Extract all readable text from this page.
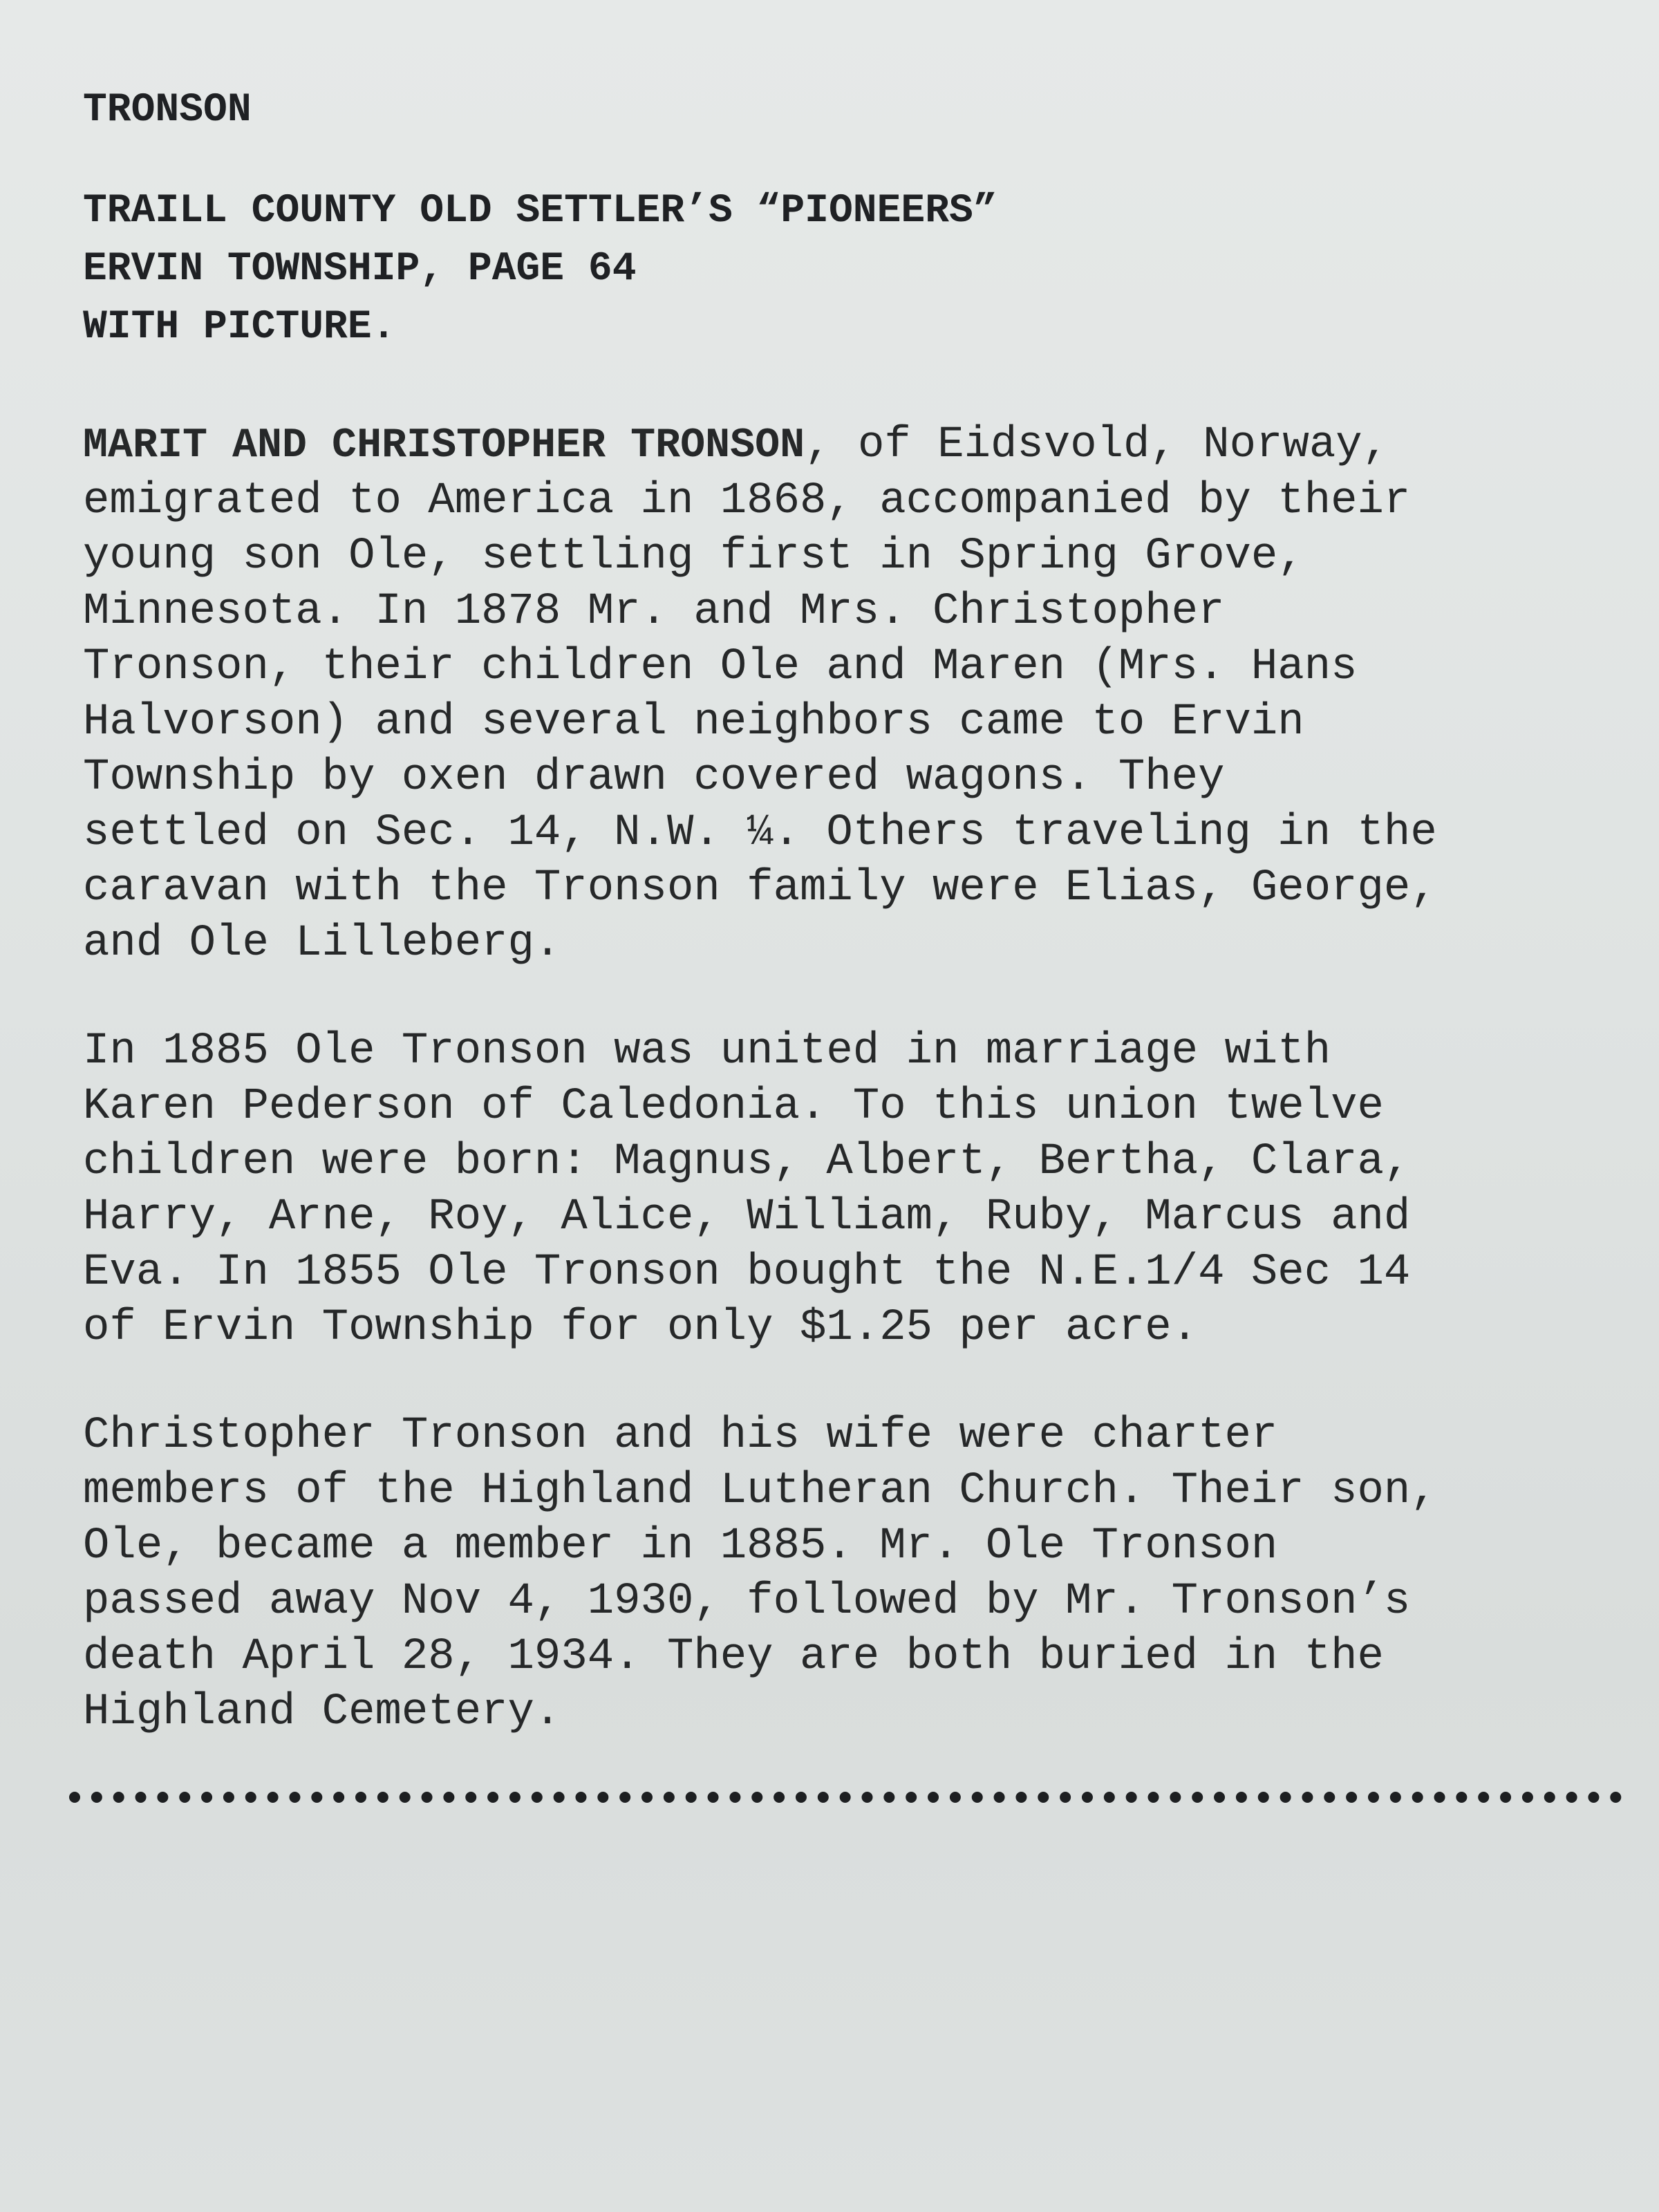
TRONSON

TRAILL COUNTY OLD SETTLER’S “PIONEERS”

ERVIN TOWNSHIP, PAGE 64

WITH PICTURE.

MARIT AND CHRISTOPHER TRONSON, of Eidsvold, Norway,
emigrated to America in 1868, accompanied by their
young son Ole, settling first in Spring Grove,
Minnesota. In 1878 Mr. and Mrs. Christopher
Tronson, their children Ole and Maren (Mrs. Hans
Halvorson) and several neighbors came to Ervin
Township by oxen drawn covered wagons. They
settled on Sec. 14, N.W. ¼. Others traveling in the
caravan with the Tronson family were Elias, George,
and Ole Lilleberg.
In 1885 Ole Tronson was united in marriage with
Karen Pederson of Caledonia. To this union twelve
children were born: Magnus, Albert, Bertha, Clara,
Harry, Arne, Roy, Alice, William, Ruby, Marcus and
Eva. In 1855 Ole Tronson bought the N.E.1/4 Sec 14
of Ervin Township for only $1.25 per acre.
Christopher Tronson and his wife were charter
members of the Highland Lutheran Church. Their son,
Ole, became a member in 1885. Mr. Ole Tronson
passed away Nov 4, 1930, followed by Mr. Tronson’s
death April 28, 1934. They are both buried in the
Highland Cemetery.
